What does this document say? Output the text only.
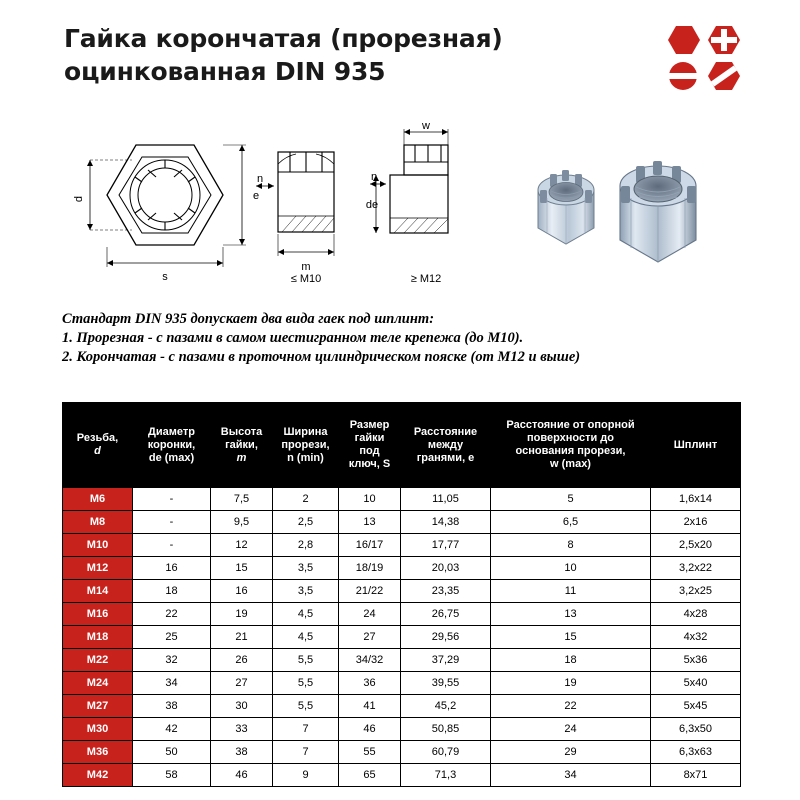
Гайка корончатая (прорезная)
оцинкованная DIN 935
d	e
s
n
m
de
n
w
≤ M10	≥ M12
Стандарт DIN 935 допускает два вида гаек под шплинт:
1. Прорезная - с пазами в самом шестигранном теле крепежа (до М10).
2. Корончатая - с пазами в проточном цилиндрическом пояске (от М12 и выше)
Резьба,
d

Диаметр
коронки,
de (max)

Высота
гайки,
m

Ширина
прорези,
n (min)

Размер
гайки
под
ключ, S

Расстояние
между
гранями, e

Расстояние от опорной
поверхности до
основания прорези,
w (max)

Шплинт

M6	-	7,5	2	10	11,05	5	1,6x14
M8	-	9,5	2,5	13	14,38	6,5	2x16
M10	-	12	2,8	16/17	17,77	8	2,5x20
M12	16	15	3,5	18/19	20,03	10	3,2x22
M14	18	16	3,5	21/22	23,35	11	3,2x25
M16	22	19	4,5	24	26,75	13	4x28
M18	25	21	4,5	27	29,56	15	4x32
M22	32	26	5,5	34/32	37,29	18	5x36
M24	34	27	5,5	36	39,55	19	5x40
M27	38	30	5,5	41	45,2	22	5x45
M30	42	33	7	46	50,85	24	6,3x50
M36	50	38	7	55	60,79	29	6,3x63
M42	58	46	9	65	71,3	34	8x71
